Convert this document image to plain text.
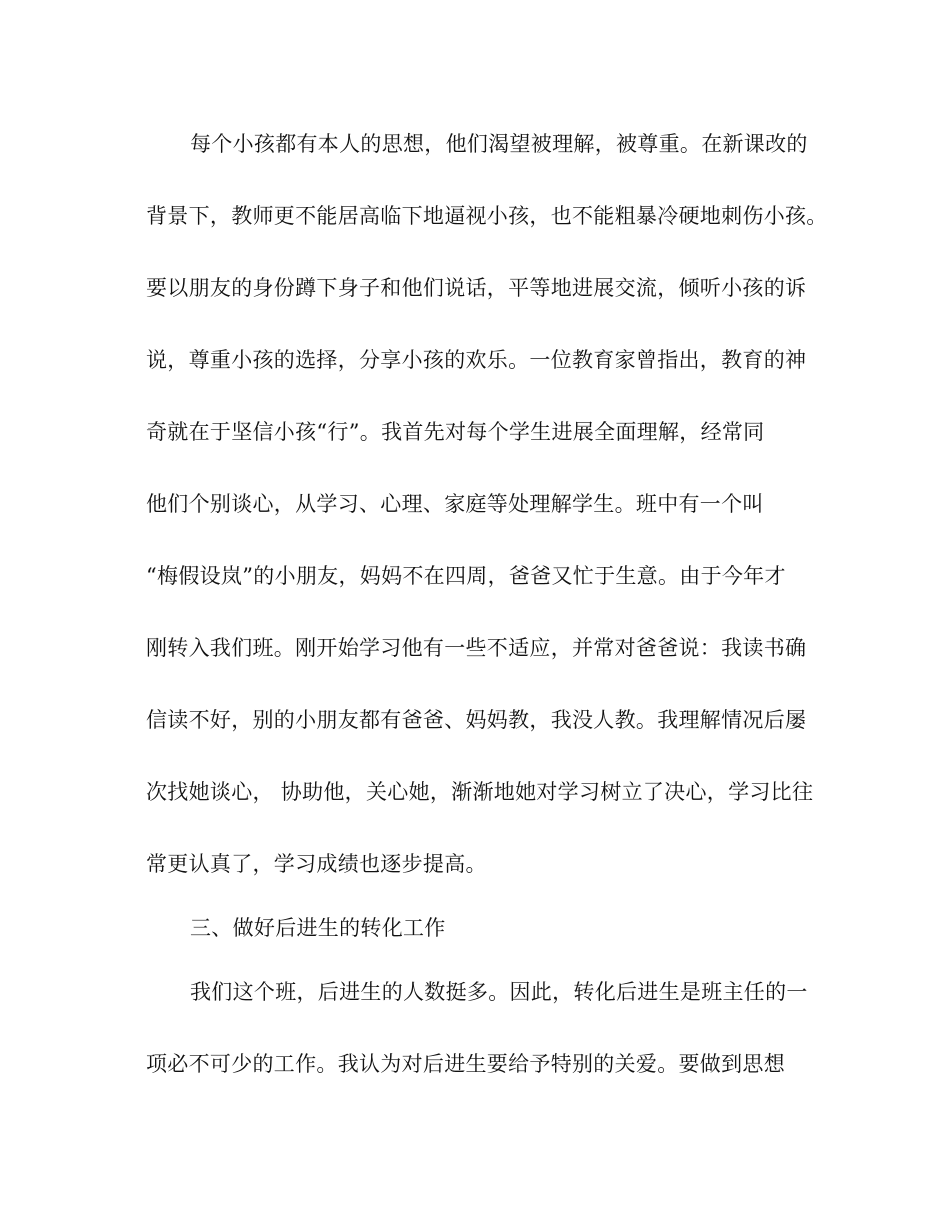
每个小孩都有本人的思想，他们渴望被理解，被尊重。在新课改的
背景下，教师更不能居高临下地逼视小孩，也不能粗暴冷硬地刺伤小孩。
要以朋友的身份蹲下身子和他们说话，平等地进展交流，倾听小孩的诉
说，尊重小孩的选择，分享小孩的欢乐。一位教育家曾指出，教育的神
奇就在于坚信小孩“行”。我首先对每个学生进展全面理解，经常同
他们个别谈心，从学习、心理、家庭等处理解学生。班中有一个叫
“梅假设岚”的小朋友，妈妈不在四周，爸爸又忙于生意。由于今年才
刚转入我们班。刚开始学习他有一些不适应，并常对爸爸说：我读书确
信读不好，别的小朋友都有爸爸、妈妈教，我没人教。我理解情况后屡
次找她谈心， 协助他，关心她，渐渐地她对学习树立了决心，学习比往
常更认真了，学习成绩也逐步提高。
三、做好后进生的转化工作
我们这个班，后进生的人数挺多。因此，转化后进生是班主任的一
项必不可少的工作。我认为对后进生要给予特别的关爱。要做到思想
